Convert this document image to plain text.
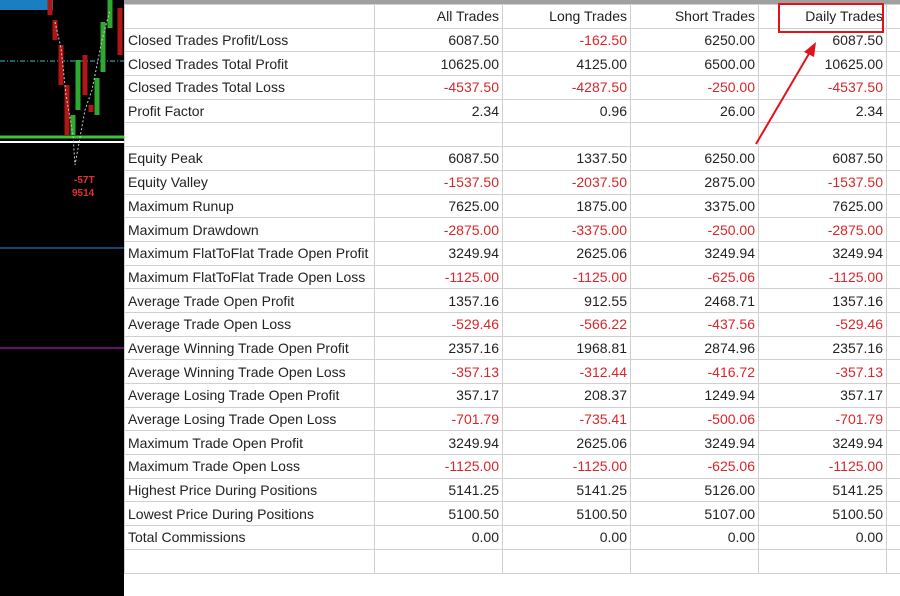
-57T
9514
	All Trades	Long Trades	Short Trades	Daily Trades	
Closed Trades Profit/Loss	6087.50	-162.50	6250.00	6087.50	
Closed Trades Total Profit	10625.00	4125.00	6500.00	10625.00	
Closed Trades Total Loss	-4537.50	-4287.50	-250.00	-4537.50	
Profit Factor	2.34	0.96	26.00	2.34	

Equity Peak	6087.50	1337.50	6250.00	6087.50	
Equity Valley	-1537.50	-2037.50	2875.00	-1537.50	
Maximum Runup	7625.00	1875.00	3375.00	7625.00	
Maximum Drawdown	-2875.00	-3375.00	-250.00	-2875.00	
Maximum FlatToFlat Trade Open Profit	3249.94	2625.06	3249.94	3249.94	
Maximum FlatToFlat Trade Open Loss	-1125.00	-1125.00	-625.06	-1125.00	
Average Trade Open Profit	1357.16	912.55	2468.71	1357.16	
Average Trade Open Loss	-529.46	-566.22	-437.56	-529.46	
Average Winning Trade Open Profit	2357.16	1968.81	2874.96	2357.16	
Average Winning Trade Open Loss	-357.13	-312.44	-416.72	-357.13	
Average Losing Trade Open Profit	357.17	208.37	1249.94	357.17	
Average Losing Trade Open Loss	-701.79	-735.41	-500.06	-701.79	
Maximum Trade Open Profit	3249.94	2625.06	3249.94	3249.94	
Maximum Trade Open Loss	-1125.00	-1125.00	-625.06	-1125.00	
Highest Price During Positions	5141.25	5141.25	5126.00	5141.25	
Lowest Price During Positions	5100.50	5100.50	5107.00	5100.50	
Total Commissions	0.00	0.00	0.00	0.00	
